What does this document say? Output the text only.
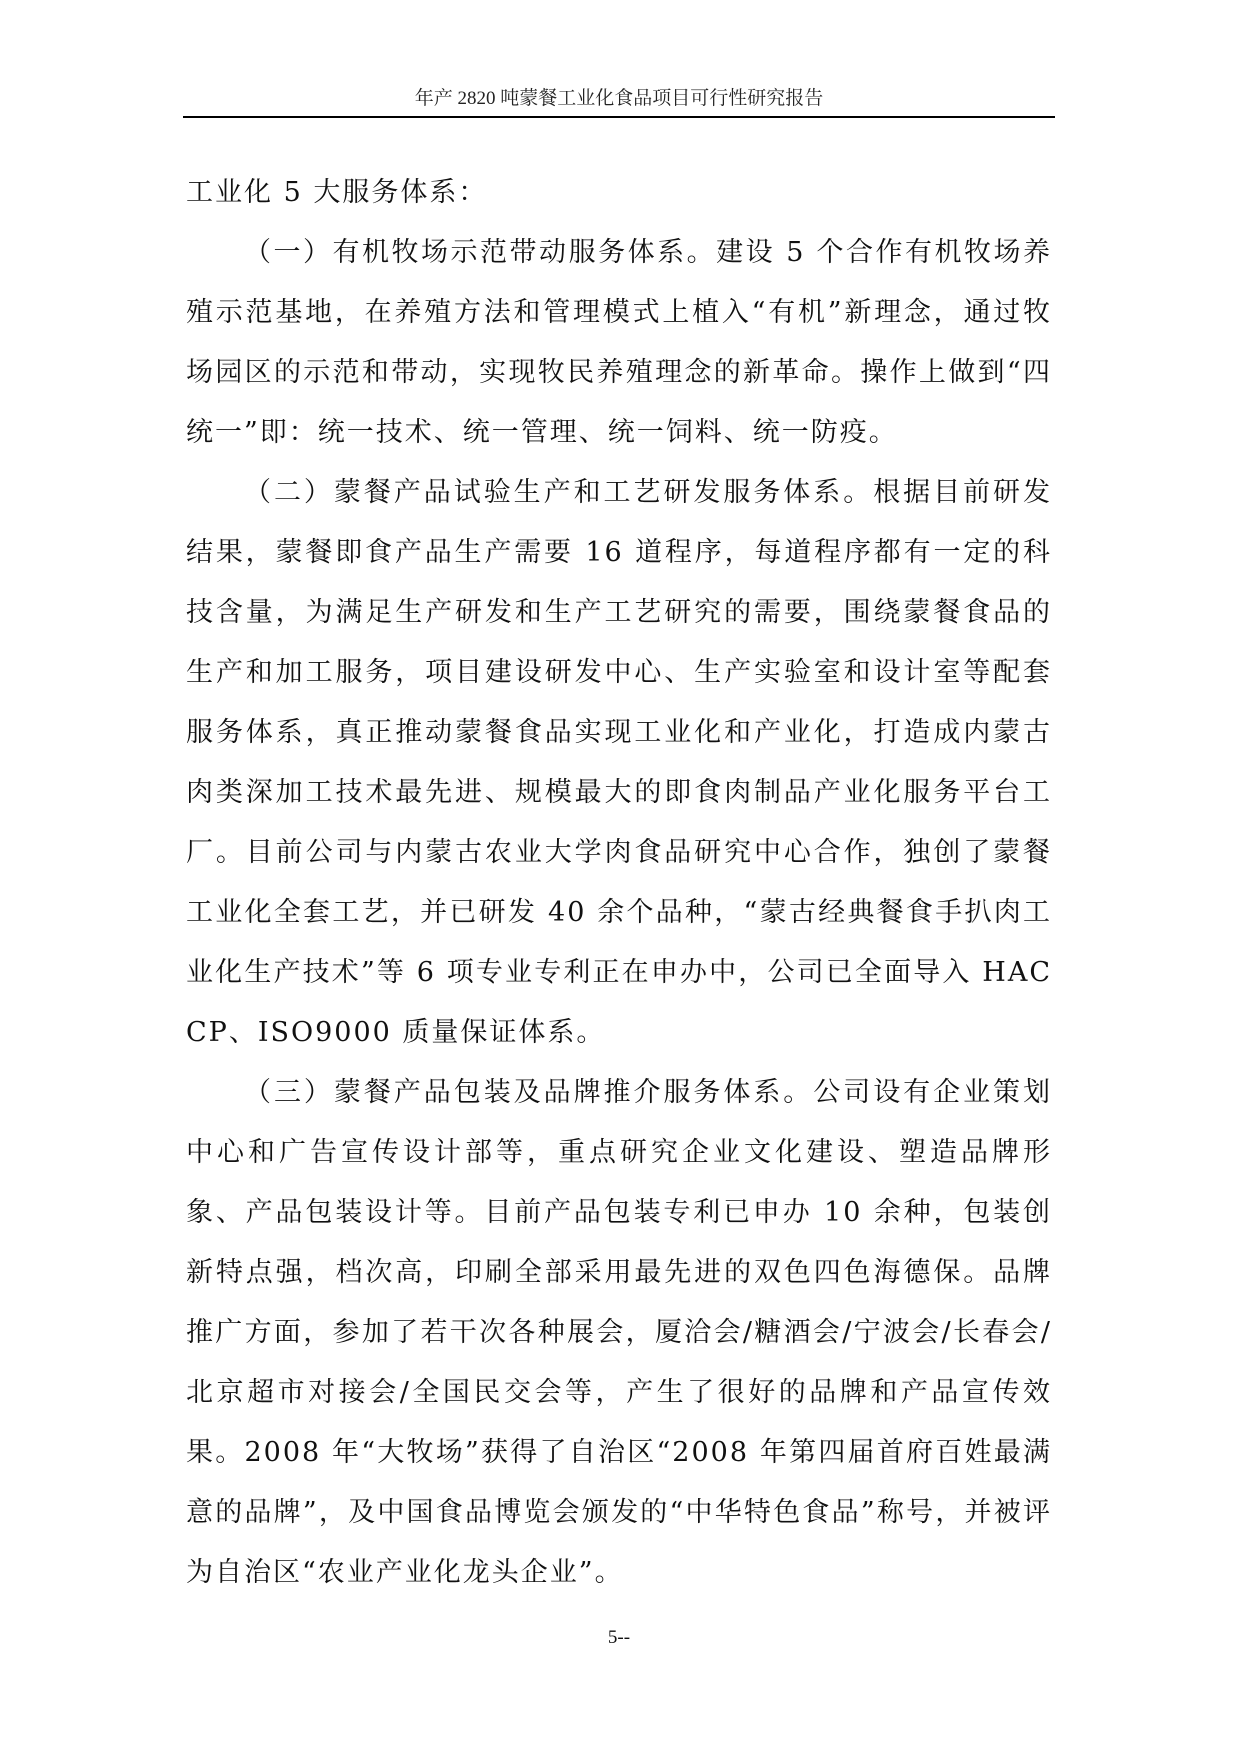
年产 2820 吨蒙餐工业化食品项目可行性研究报告

工业化 5 大服务体系：

（一）有机牧场示范带动服务体系。建设 5 个合作有机牧场养殖示范基地，在养殖方法和管理模式上植入“有机”新理念，通过牧场园区的示范和带动，实现牧民养殖理念的新革命。操作上做到“四统一”即：统一技术、统一管理、统一饲料、统一防疫。

（二）蒙餐产品试验生产和工艺研发服务体系。根据目前研发结果，蒙餐即食产品生产需要 16 道程序，每道程序都有一定的科技含量，为满足生产研发和生产工艺研究的需要，围绕蒙餐食品的生产和加工服务，项目建设研发中心、生产实验室和设计室等配套服务体系，真正推动蒙餐食品实现工业化和产业化，打造成内蒙古肉类深加工技术最先进、规模最大的即食肉制品产业化服务平台工厂。目前公司与内蒙古农业大学肉食品研究中心合作，独创了蒙餐工业化全套工艺，并已研发 40 余个品种，“蒙古经典餐食手扒肉工业化生产技术”等 6 项专业专利正在申办中，公司已全面导入 HACCP、ISO9000 质量保证体系。

（三）蒙餐产品包装及品牌推介服务体系。公司设有企业策划中心和广告宣传设计部等，重点研究企业文化建设、塑造品牌形象、产品包装设计等。目前产品包装专利已申办 10 余种，包装创新特点强，档次高，印刷全部采用最先进的双色四色海德保。品牌推广方面，参加了若干次各种展会，厦洽会/糖酒会/宁波会/长春会/北京超市对接会/全国民交会等，产生了很好的品牌和产品宣传效果。2008 年“大牧场”获得了自治区“2008 年第四届首府百姓最满意的品牌”，及中国食品博览会颁发的“中华特色食品”称号，并被评为自治区“农业产业化龙头企业”。

5--
